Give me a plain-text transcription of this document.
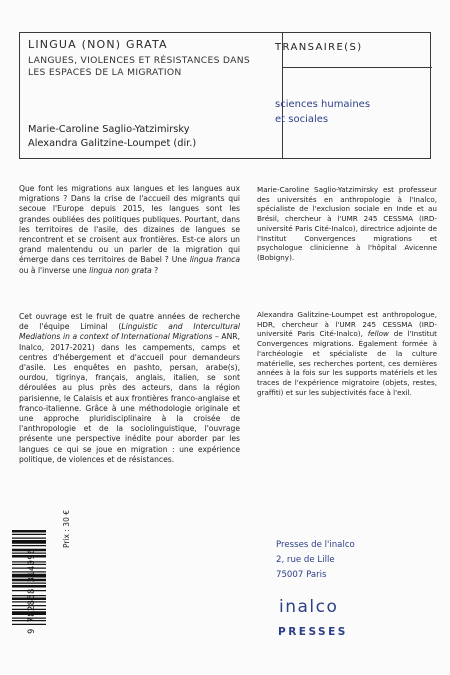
LINGUA (NON) GRATA
LANGUES, VIOLENCES ET RÉSISTANCES DANS LES ESPACES DE LA MIGRATION
Marie-Caroline Saglio-Yatzimirsky
Alexandra Galitzine-Loumpet (dir.)
TRANSAIRE(S)
sciences humaines
et sociales
Que font les migrations aux langues et les langues aux migrations ? Dans la crise de l'accueil des migrants qui secoue l'Europe depuis 2015, les langues sont les grandes oubliées des politiques publiques. Pourtant, dans les territoires de l'asile, des dizaines de langues se rencontrent et se croisent aux frontières. Est-ce alors un grand malentendu ou un parler de la migration qui émerge dans ces territoires de Babel ? Une lingua franca ou à l'inverse une lingua non grata ?
Cet ouvrage est le fruit de quatre années de recherche de l'équipe Liminal (Linguistic and Intercultural Mediations in a context of International Migrations – ANR, Inalco, 2017-2021) dans les campements, camps et centres d'hébergement et d'accueil pour demandeurs d'asile. Les enquêtes en pashto, persan, arabe(s), ourdou, tigrinya, français, anglais, italien, se sont déroulées au plus près des acteurs, dans la région parisienne, le Calaisis et aux frontières franco-anglaise et franco-italienne. Grâce à une méthodologie originale et une approche pluridisciplinaire à la croisée de l'anthropologie et de la sociolinguistique, l'ouvrage présente une perspective inédite pour aborder par les langues ce qui se joue en migration : une expérience politique, de violences et de résistances.
Marie-Caroline Saglio-Yatzimirsky est professeur des universités en anthropologie à l'Inalco, spécialiste de l'exclusion sociale en Inde et au Brésil, chercheur à l'UMR 245 CESSMA (IRD-université Paris Cité-Inalco), directrice adjointe de l'Institut Convergences migrations et psychologue clinicienne à l'hôpital Avicenne (Bobigny).
Alexandra Galitzine-Loumpet est anthropologue, HDR, chercheur à l'UMR 245 CESSMA (IRD-université Paris Cité-Inalco), fellow de l'Institut Convergences migrations. Également formée à l'archéologie et spécialiste de la culture matérielle, ses recherches portent, ces dernières années à la fois sur les supports matériels et les traces de l'expérience migratoire (objets, restes, graffiti) et sur les subjectivités face à l'exil.
9 782858 314096
Prix : 30 €	Presses de l'inalco
2, rue de Lille
75007 Paris
inalco
PRESSES
